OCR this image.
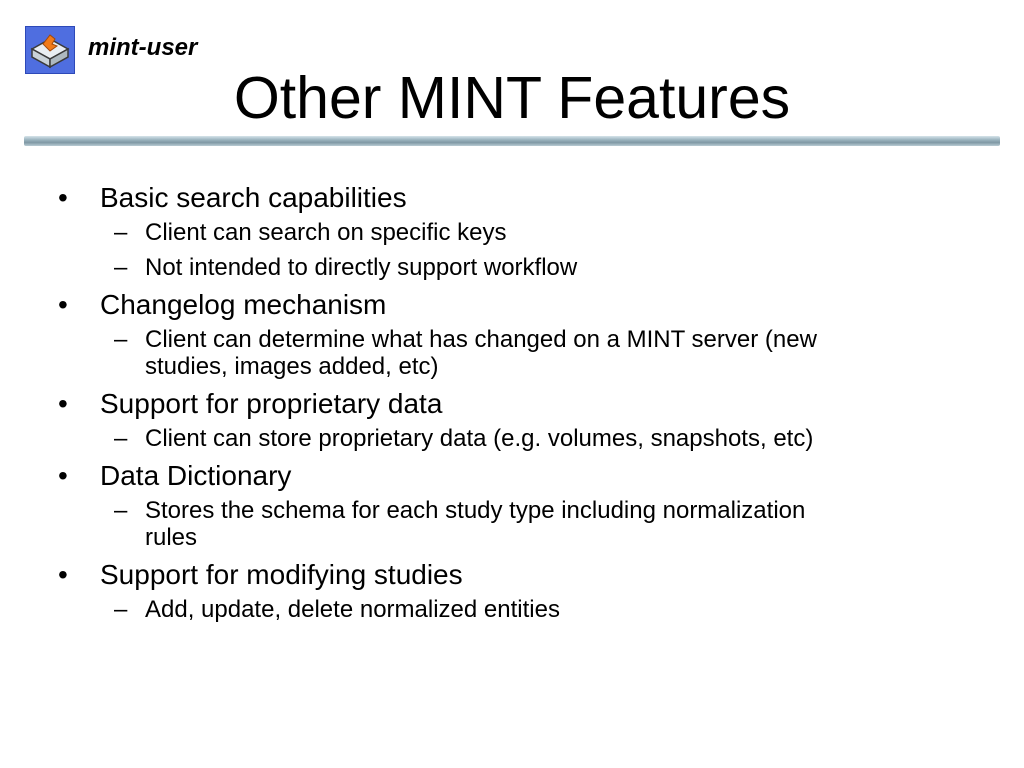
mint-user
Other MINT Features
• Basic search capabilities
– Client can search on specific keys
– Not intended to directly support workflow
• Changelog mechanism
– Client can determine what has changed on a MINT server (new
studies, images added, etc)
• Support for proprietary data
– Client can store proprietary data (e.g. volumes, snapshots, etc)
• Data Dictionary
– Stores the schema for each study type including normalization
rules
• Support for modifying studies
– Add, update, delete normalized entities
